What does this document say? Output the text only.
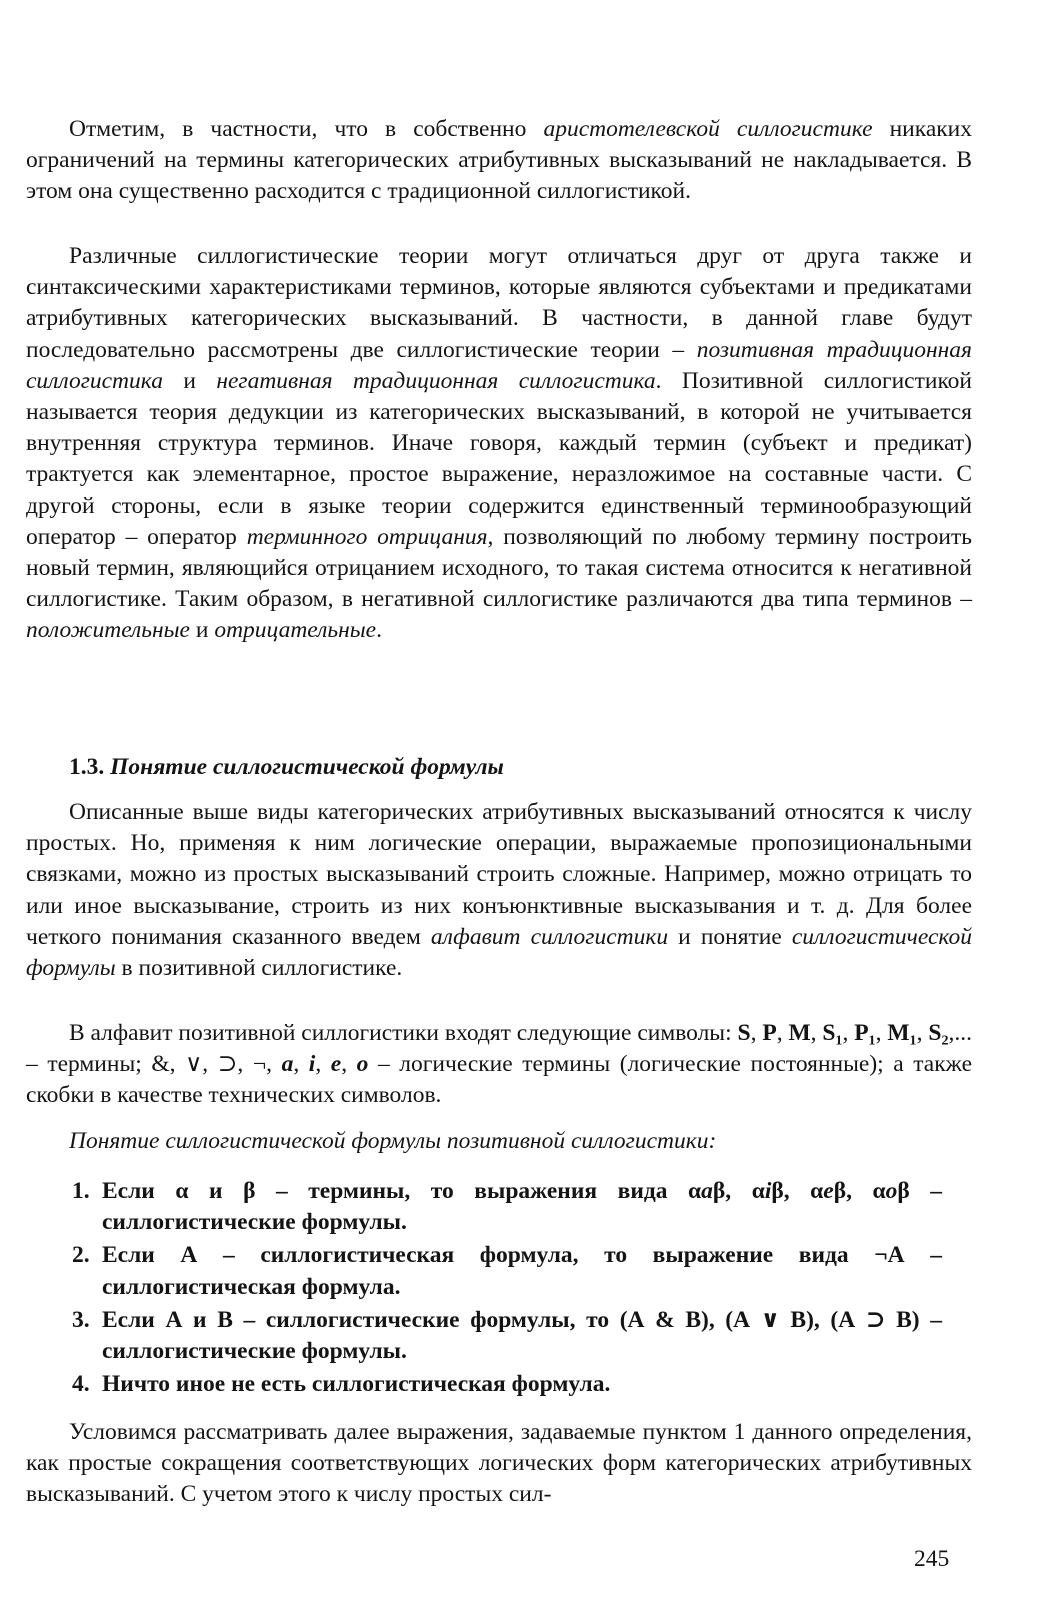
Отметим, в частности, что в собственно аристотелевской силлогистике никаких ограничений на термины категорических атрибутивных высказываний не накладывается. В этом она существенно расходится с традиционной силлогистикой.

Различные силлогистические теории могут отличаться друг от друга также и синтаксическими характеристиками терминов, которые являются субъектами и предикатами атрибутивных категорических высказываний. В частности, в данной главе будут последовательно рассмотрены две силлогистические теории – позитивная традиционная силлогистика и негативная традиционная силлогистика. Позитивной силлогистикой называется теория дедукции из категорических высказываний, в которой не учитывается внутренняя структура терминов. Иначе говоря, каждый термин (субъект и предикат) трактуется как элементарное, простое выражение, неразложимое на составные части. С другой стороны, если в языке теории содержится единственный терминообразующий оператор – оператор терминного отрицания, позволяющий по любому термину построить новый термин, являющийся отрицанием исходного, то такая система относится к негативной силлогистике. Таким образом, в негативной силлогистике различаются два типа терминов – положительные и отрицательные.

1.3. Понятие силлогистической формулы

Описанные выше виды категорических атрибутивных высказываний относятся к числу простых. Но, применяя к ним логические операции, выражаемые пропозициональными связками, можно из простых высказываний строить сложные. Например, можно отрицать то или иное высказывание, строить из них конъюнктивные высказывания и т. д. Для более четкого понимания сказанного введем алфавит силлогистики и понятие силлогистической формулы в позитивной силлогистике.

В алфавит позитивной силлогистики входят следующие символы: S, P, M, S₁, P₁, M₁, S₂,... – термины; &, ∨, ⊃, ¬, a, i, e, o – логические термины (логические постоянные); а также скобки в качестве технических символов.

Понятие силлогистической формулы позитивной силлогистики:
1. Если α и β – термины, то выражения вида αaβ, αiβ, αeβ, αoβ – силлогистические формулы.
2. Если А – силлогистическая формула, то выражение вида ¬А – силлогистическая формула.
3. Если А и В – силлогистические формулы, то (А & В), (А ∨ В), (А ⊃ В) – силлогистические формулы.
4. Ничто иное не есть силлогистическая формула.

Условимся рассматривать далее выражения, задаваемые пунктом 1 данного определения, как простые сокращения соответствующих логических форм категорических атрибутивных высказываний. С учетом этого к числу простых сил-

245
